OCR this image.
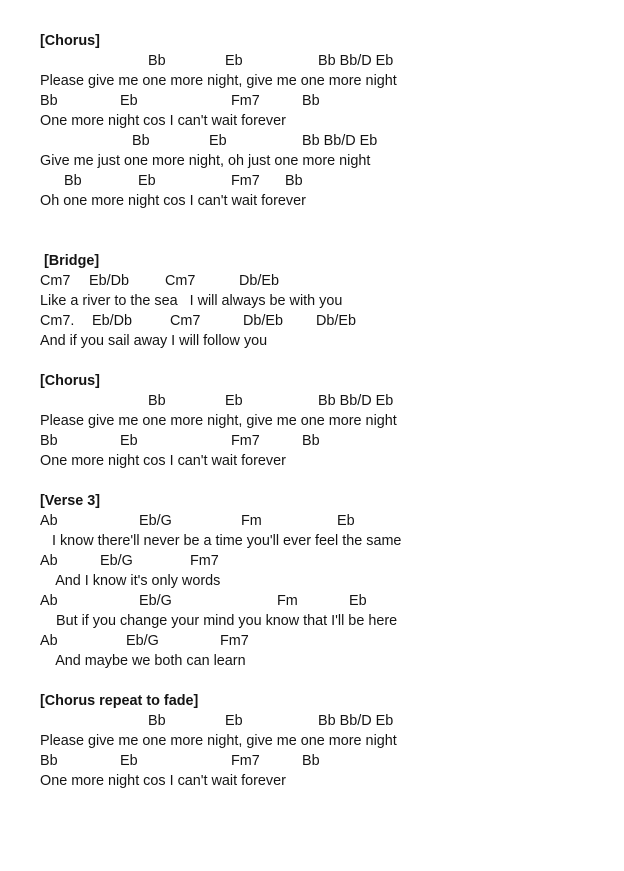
[Chorus]

Bb

	Eb

	Bb Bb/D Eb

Please give me one more night, give me one more night

Bb

	Eb

	Fm7

	Bb

One more night cos I can't wait forever

Bb

	Eb

	Bb Bb/D Eb

Give me just one more night, oh just one more night

Bb

	Eb

	Fm7

Bb

Oh one more night cos I can't wait forever
[Bridge]

Cm7

Eb/Db

	Cm7

	Db/Eb

Like a river to the sea   I will always be with you

Cm7.

Eb/Db

	Cm7

	Db/Eb

Db/Eb

And if you sail away I will follow you
[Chorus]

Bb

	Eb

	Bb Bb/D Eb

Please give me one more night, give me one more night

Bb

	Eb

	Fm7

	Bb

One more night cos I can't wait forever
[Verse 3]

Ab

	Eb/G

	Fm

	Eb

I know there'll never be a time you'll ever feel the same

Ab

	Eb/G

	Fm7

And I know it's only words

Ab

	Eb/G

	Fm

	Eb

But if you change your mind you know that I'll be here

Ab

	Eb/G

	Fm7

And maybe we both can learn
[Chorus repeat to fade]

Bb

	Eb

	Bb Bb/D Eb

Please give me one more night, give me one more night

Bb

	Eb

	Fm7

	Bb

One more night cos I can't wait forever
